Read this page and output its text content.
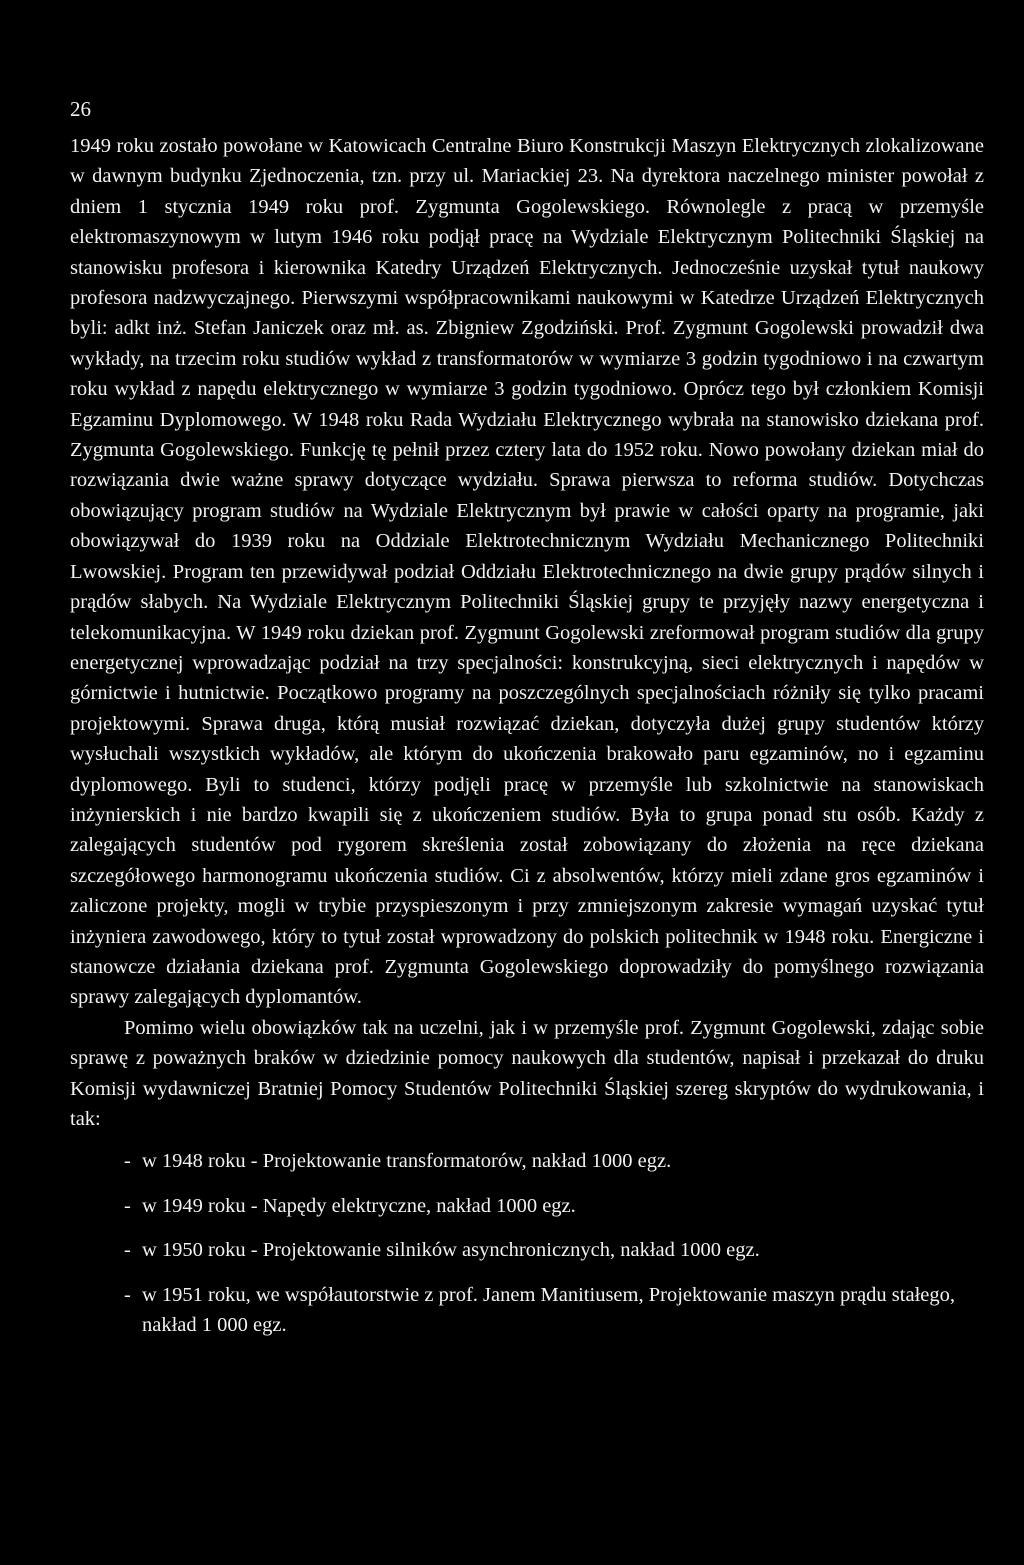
26

1949 roku zostało powołane w Katowicach Centralne Biuro Konstrukcji Maszyn Elektrycznych zlokalizowane w dawnym budynku Zjednoczenia, tzn. przy ul. Mariackiej 23. Na dyrektora naczelnego minister powołał z dniem 1 stycznia 1949 roku prof. Zygmunta Gogolewskiego. Równolegle z pracą w przemyśle elektromaszynowym w lutym 1946 roku podjął pracę na Wydziale Elektrycznym Politechniki Śląskiej na stanowisku profesora i kierownika Katedry Urządzeń Elektrycznych. Jednocześnie uzyskał tytuł naukowy profesora nadzwyczajnego. Pierwszymi współpracownikami naukowymi w Katedrze Urządzeń Elektrycznych byli: adkt inż. Stefan Janiczek oraz mł. as. Zbigniew Zgodziński. Prof. Zygmunt Gogolewski prowadził dwa wykłady, na trzecim roku studiów wykład z transformatorów w wymiarze 3 godzin tygodniowo i na czwartym roku wykład z napędu elektrycznego w wymiarze 3 godzin tygodniowo. Oprócz tego był członkiem Komisji Egzaminu Dyplomowego. W 1948 roku Rada Wydziału Elektrycznego wybrała na stanowisko dziekana prof. Zygmunta Gogolewskiego. Funkcję tę pełnił przez cztery lata do 1952 roku. Nowo powołany dziekan miał do rozwiązania dwie ważne sprawy dotyczące wydziału. Sprawa pierwsza to reforma studiów. Dotychczas obowiązujący program studiów na Wydziale Elektrycznym był prawie w całości oparty na programie, jaki obowiązywał do 1939 roku na Oddziale Elektrotechnicznym Wydziału Mechanicznego Politechniki Lwowskiej. Program ten przewidywał podział Oddziału Elektrotechnicznego na dwie grupy prądów silnych i prądów słabych. Na Wydziale Elektrycznym Politechniki Śląskiej grupy te przyjęły nazwy energetyczna i telekomunikacyjna. W 1949 roku dziekan prof. Zygmunt Gogolewski zreformował program studiów dla grupy energetycznej wprowadzając podział na trzy specjalności: konstrukcyjną, sieci elektrycznych i napędów w górnictwie i hutnictwie. Początkowo programy na poszczególnych specjalnościach różniły się tylko pracami projektowymi. Sprawa druga, którą musiał rozwiązać dziekan, dotyczyła dużej grupy studentów którzy wysłuchali wszystkich wykładów, ale którym do ukończenia brakowało paru egzaminów, no i egzaminu dyplomowego. Byli to studenci, którzy podjęli pracę w przemyśle lub szkolnictwie na stanowiskach inżynierskich i nie bardzo kwapili się z ukończeniem studiów. Była to grupa ponad stu osób. Każdy z zalegających studentów pod rygorem skreślenia został zobowiązany do złożenia na ręce dziekana szczegółowego harmonogramu ukończenia studiów. Ci z absolwentów, którzy mieli zdane gros egzaminów i zaliczone projekty, mogli w trybie przyspieszonym i przy zmniejszonym zakresie wymagań uzyskać tytuł inżyniera zawodowego, który to tytuł został wprowadzony do polskich politechnik w 1948 roku. Energiczne i stanowcze działania dziekana prof. Zygmunta Gogolewskiego doprowadziły do pomyślnego rozwiązania sprawy zalegających dyplomantów.

Pomimo wielu obowiązków tak na uczelni, jak i w przemyśle prof. Zygmunt Gogolewski, zdając sobie sprawę z poważnych braków w dziedzinie pomocy naukowych dla studentów, napisał i przekazał do druku Komisji wydawniczej Bratniej Pomocy Studentów Politechniki Śląskiej szereg skryptów do wydrukowania, i tak:

- w 1948 roku - Projektowanie transformatorów, nakład 1000 egz.
- w 1949 roku - Napędy elektryczne, nakład 1000 egz.
- w 1950 roku - Projektowanie silników asynchronicznych, nakład 1000 egz.
- w 1951 roku, we współautorstwie z prof. Janem Manitiusem, Projektowanie maszyn prądu stałego, nakład 1 000 egz.
